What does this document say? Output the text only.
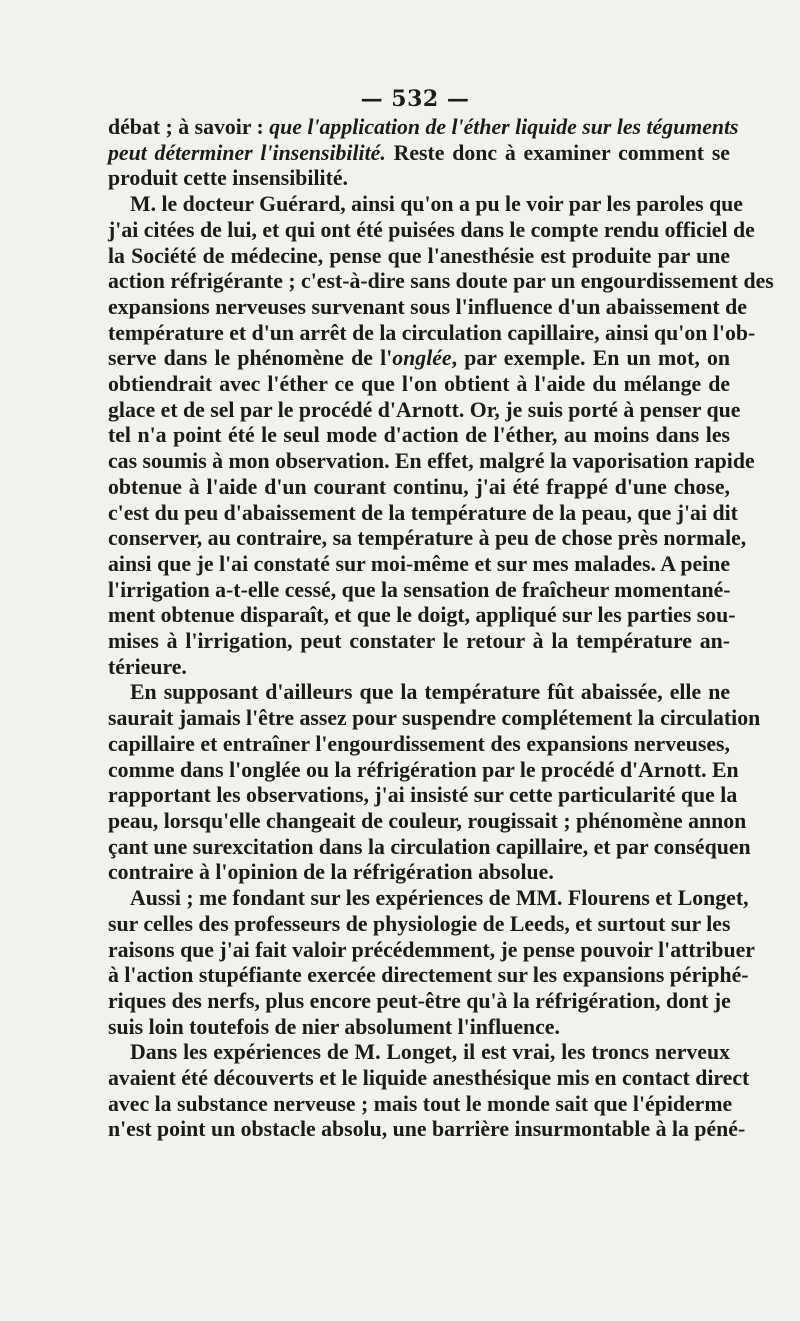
— 532 —
débat ; à savoir : que l'application de l'éther liquide sur les téguments
peut déterminer l'insensibilité. Reste donc à examiner comment se
produit cette insensibilité.
M. le docteur Guérard, ainsi qu'on a pu le voir par les paroles que
j'ai citées de lui, et qui ont été puisées dans le compte rendu officiel de
la Société de médecine, pense que l'anesthésie est produite par une
action réfrigérante ; c'est-à-dire sans doute par un engourdissement des
expansions nerveuses survenant sous l'influence d'un abaissement de
température et d'un arrêt de la circulation capillaire, ainsi qu'on l'ob-
serve dans le phénomène de l'onglée, par exemple. En un mot, on
obtiendrait avec l'éther ce que l'on obtient à l'aide du mélange de
glace et de sel par le procédé d'Arnott. Or, je suis porté à penser que
tel n'a point été le seul mode d'action de l'éther, au moins dans les
cas soumis à mon observation. En effet, malgré la vaporisation rapide
obtenue à l'aide d'un courant continu, j'ai été frappé d'une chose,
c'est du peu d'abaissement de la température de la peau, que j'ai dit
conserver, au contraire, sa température à peu de chose près normale,
ainsi que je l'ai constaté sur moi-même et sur mes malades. A peine
l'irrigation a-t-elle cessé, que la sensation de fraîcheur momentané-
ment obtenue disparaît, et que le doigt, appliqué sur les parties sou-
mises à l'irrigation, peut constater le retour à la température an-
térieure.
En supposant d'ailleurs que la température fût abaissée, elle ne
saurait jamais l'être assez pour suspendre complétement la circulation
capillaire et entraîner l'engourdissement des expansions nerveuses,
comme dans l'onglée ou la réfrigération par le procédé d'Arnott. En
rapportant les observations, j'ai insisté sur cette particularité que la
peau, lorsqu'elle changeait de couleur, rougissait ; phénomène annon
çant une surexcitation dans la circulation capillaire, et par conséquen
contraire à l'opinion de la réfrigération absolue.
Aussi ; me fondant sur les expériences de MM. Flourens et Longet,
sur celles des professeurs de physiologie de Leeds, et surtout sur les
raisons que j'ai fait valoir précédemment, je pense pouvoir l'attribuer
à l'action stupéfiante exercée directement sur les expansions périphé-
riques des nerfs, plus encore peut-être qu'à la réfrigération, dont je
suis loin toutefois de nier absolument l'influence.
Dans les expériences de M. Longet, il est vrai, les troncs nerveux
avaient été découverts et le liquide anesthésique mis en contact direct
avec la substance nerveuse ; mais tout le monde sait que l'épiderme
n'est point un obstacle absolu, une barrière insurmontable à la péné-
